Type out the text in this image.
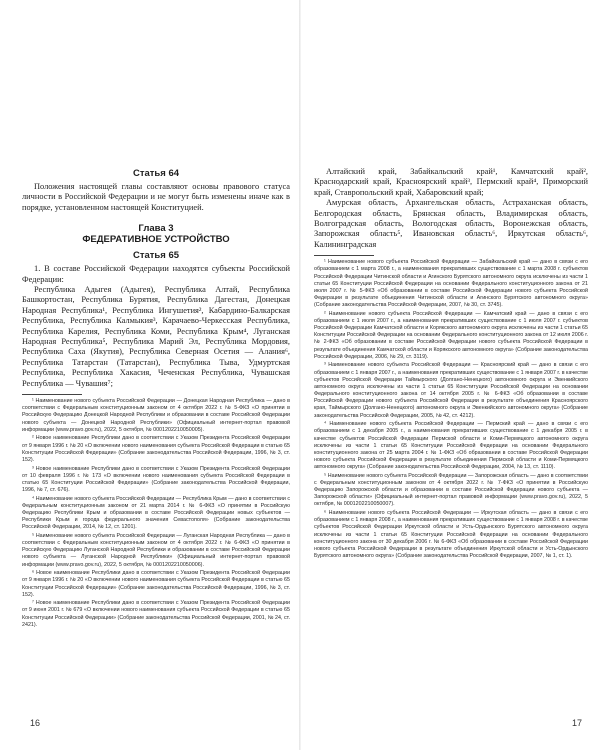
Статья 64

Положения настоящей главы составляют основы правового статуса личности в Российской Федерации и не могут быть изменены иначе как в порядке, установленном настоящей Конституцией.

Глава 3
ФЕДЕРАТИВНОЕ УСТРОЙСТВО
Статья 65

1. В составе Российской Федерации находятся субъекты Российской Федерации:

Республика Адыгея (Адыгея), Республика Алтай, Республика Башкортостан, Республика Бурятия, Республика Дагестан, Донецкая Народная Республика¹, Республика Ингушетия², Кабардино-Балкарская Республика, Республика Калмыкия³, Карачаево-Черкесская Республика, Республика Карелия, Республика Коми, Республика Крым⁴, Луганская Народная Республика⁵, Республика Марий Эл, Республика Мордовия, Республика Саха (Якутия), Республика Северная Осетия — Алания⁶, Республика Татарстан (Татарстан), Республика Тыва, Удмуртская Республика, Республика Хакасия, Чеченская Республика, Чувашская Республика — Чувашия⁷;

¹ Наименование нового субъекта Российской Федерации — Донецкая Народная Республика — дано в соответствии с Федеральным конституционным законом от 4 октября 2022 г. № 5-ФКЗ «О принятии в Российскую Федерацию Донецкой Народной Республики и образовании в составе Российской Федерации нового субъекта — Донецкой Народной Республики» (Официальный интернет-портал правовой информации (www.pravo.gov.ru), 2022, 5 октября, № 0001202210050005).

² Новое наименование Республики дано в соответствии с Указом Президента Российской Федерации от 9 января 1996 г. № 20 «О включении нового наименования субъекта Российской Федерации в статью 65 Конституции Российской Федерации» (Собрание законодательства Российской Федерации, 1996, № 3, ст. 152).

³ Новое наименование Республики дано в соответствии с Указом Президента Российской Федерации от 10 февраля 1996 г. № 173 «О включении нового наименования субъекта Российской Федерации в статью 65 Конституции Российской Федерации» (Собрание законодательства Российской Федерации, 1996, № 7, ст. 676).

⁴ Наименование нового субъекта Российской Федерации — Республика Крым — дано в соответствии с Федеральным конституционным законом от 21 марта 2014 г. № 6-ФКЗ «О принятии в Российскую Федерацию Республики Крым и образовании в составе Российской Федерации новых субъектов — Республики Крым и города федерального значения Севастополя» (Собрание законодательства Российской Федерации, 2014, № 12, ст. 1201).

⁵ Наименование нового субъекта Российской Федерации — Луганская Народная Республика — дано в соответствии с Федеральным конституционным законом от 4 октября 2022 г. № 6-ФКЗ «О принятии в Российскую Федерацию Луганской Народной Республики и образовании в составе Российской Федерации нового субъекта — Луганской Народной Республики» (Официальный интернет-портал правовой информации (www.pravo.gov.ru), 2022, 5 октября, № 0001202210050006).

⁶ Новое наименование Республики дано в соответствии с Указом Президента Российской Федерации от 9 января 1996 г. № 20 «О включении нового наименования субъекта Российской Федерации в статью 65 Конституции Российской Федерации» (Собрание законодательства Российской Федерации, 1996, № 3, ст. 152).

⁷ Новое наименование Республики дано в соответствии с Указом Президента Российской Федерации от 9 июня 2001 г. № 679 «О включении нового наименования субъекта Российской Федерации в статью 65 Конституции Российской Федерации» (Собрание законодательства Российской Федерации, 2001, № 24, ст. 2421).

Алтайский край, Забайкальский край¹, Камчатский край², Краснодарский край, Красноярский край³, Пермский край⁴, Приморский край, Ставропольский край, Хабаровский край;

Амурская область, Архангельская область, Астраханская область, Белгородская область, Брянская область, Владимирская область, Волгоградская область, Вологодская область, Воронежская область, Запорожская область⁵, Ивановская область⁶, Иркутская область⁶, Калининградская

¹ Наименование нового субъекта Российской Федерации — Забайкальский край — дано в связи с его образованием с 1 марта 2008 г., а наименования прекративших существование с 1 марта 2008 г. субъектов Российской Федерации Читинской области и Агинского Бурятского автономного округа исключены из части 1 статьи 65 Конституции Российской Федерации на основании Федерального конституционного закона от 21 июля 2007 г. № 5-ФКЗ «Об образовании в составе Российской Федерации нового субъекта Российской Федерации в результате объединения Читинской области и Агинского Бурятского автономного округа» (Собрание законодательства Российской Федерации, 2007, № 30, ст. 3745).

² Наименование нового субъекта Российской Федерации — Камчатский край — дано в связи с его образованием с 1 июля 2007 г., а наименования прекративших существование с 1 июля 2007 г. субъектов Российской Федерации Камчатской области и Корякского автономного округа исключены из части 1 статьи 65 Конституции Российской Федерации на основании Федерального конституционного закона от 12 июля 2006 г. № 2-ФКЗ «Об образовании в составе Российской Федерации нового субъекта Российской Федерации в результате объединения Камчатской области и Корякского автономного округа» (Собрание законодательства Российской Федерации, 2006, № 29, ст. 3119).

³ Наименование нового субъекта Российской Федерации — Красноярский край — дано в связи с его образованием с 1 января 2007 г., а наименования прекративших существование с 1 января 2007 г. в качестве субъектов Российской Федерации Таймырского (Долгано-Ненецкого) автономного округа и Эвенкийского автономного округа исключены из части 1 статьи 65 Конституции Российской Федерации на основании Федерального конституционного закона от 14 октября 2005 г. № 6-ФКЗ «Об образовании в составе Российской Федерации нового субъекта Российской Федерации в результате объединения Красноярского края, Таймырского (Долгано-Ненецкого) автономного округа и Эвенкийского автономного округа» (Собрание законодательства Российской Федерации, 2005, № 42, ст. 4212).

⁴ Наименование нового субъекта Российской Федерации — Пермский край — дано в связи с его образованием с 1 декабря 2005 г., а наименования прекративших существование с 1 декабря 2005 г. в качестве субъектов Российской Федерации Пермской области и Коми-Пермяцкого автономного округа исключены из части 1 статьи 65 Конституции Российской Федерации на основании Федерального конституционного закона от 25 марта 2004 г. № 1-ФКЗ «Об образовании в составе Российской Федерации нового субъекта Российской Федерации в результате объединения Пермской области и Коми-Пермяцкого автономного округа» (Собрание законодательства Российской Федерации, 2004, № 13, ст. 1110).

⁵ Наименование нового субъекта Российской Федерации — Запорожская область — дано в соответствии с Федеральным конституционным законом от 4 октября 2022 г. № 7-ФКЗ «О принятии в Российскую Федерацию Запорожской области и образовании в составе Российской Федерации нового субъекта — Запорожской области» (Официальный интернет-портал правовой информации (www.pravo.gov.ru), 2022, 5 октября, № 0001202210050007).

⁶ Наименование нового субъекта Российской Федерации — Иркутская область — дано в связи с его образованием с 1 января 2008 г., а наименования прекративших существование с 1 января 2008 г. в качестве субъектов Российской Федерации Иркутской области и Усть-Ордынского Бурятского автономного округа исключены из части 1 статьи 65 Конституции Российской Федерации на основании Федерального конституционного закона от 30 декабря 2006 г. № 6-ФКЗ «Об образовании в составе Российской Федерации нового субъекта Российской Федерации в результате объединения Иркутской области и Усть-Ордынского Бурятского автономного округа» (Собрание законодательства Российской Федерации, 2007, № 1, ст. 1).

16	17
